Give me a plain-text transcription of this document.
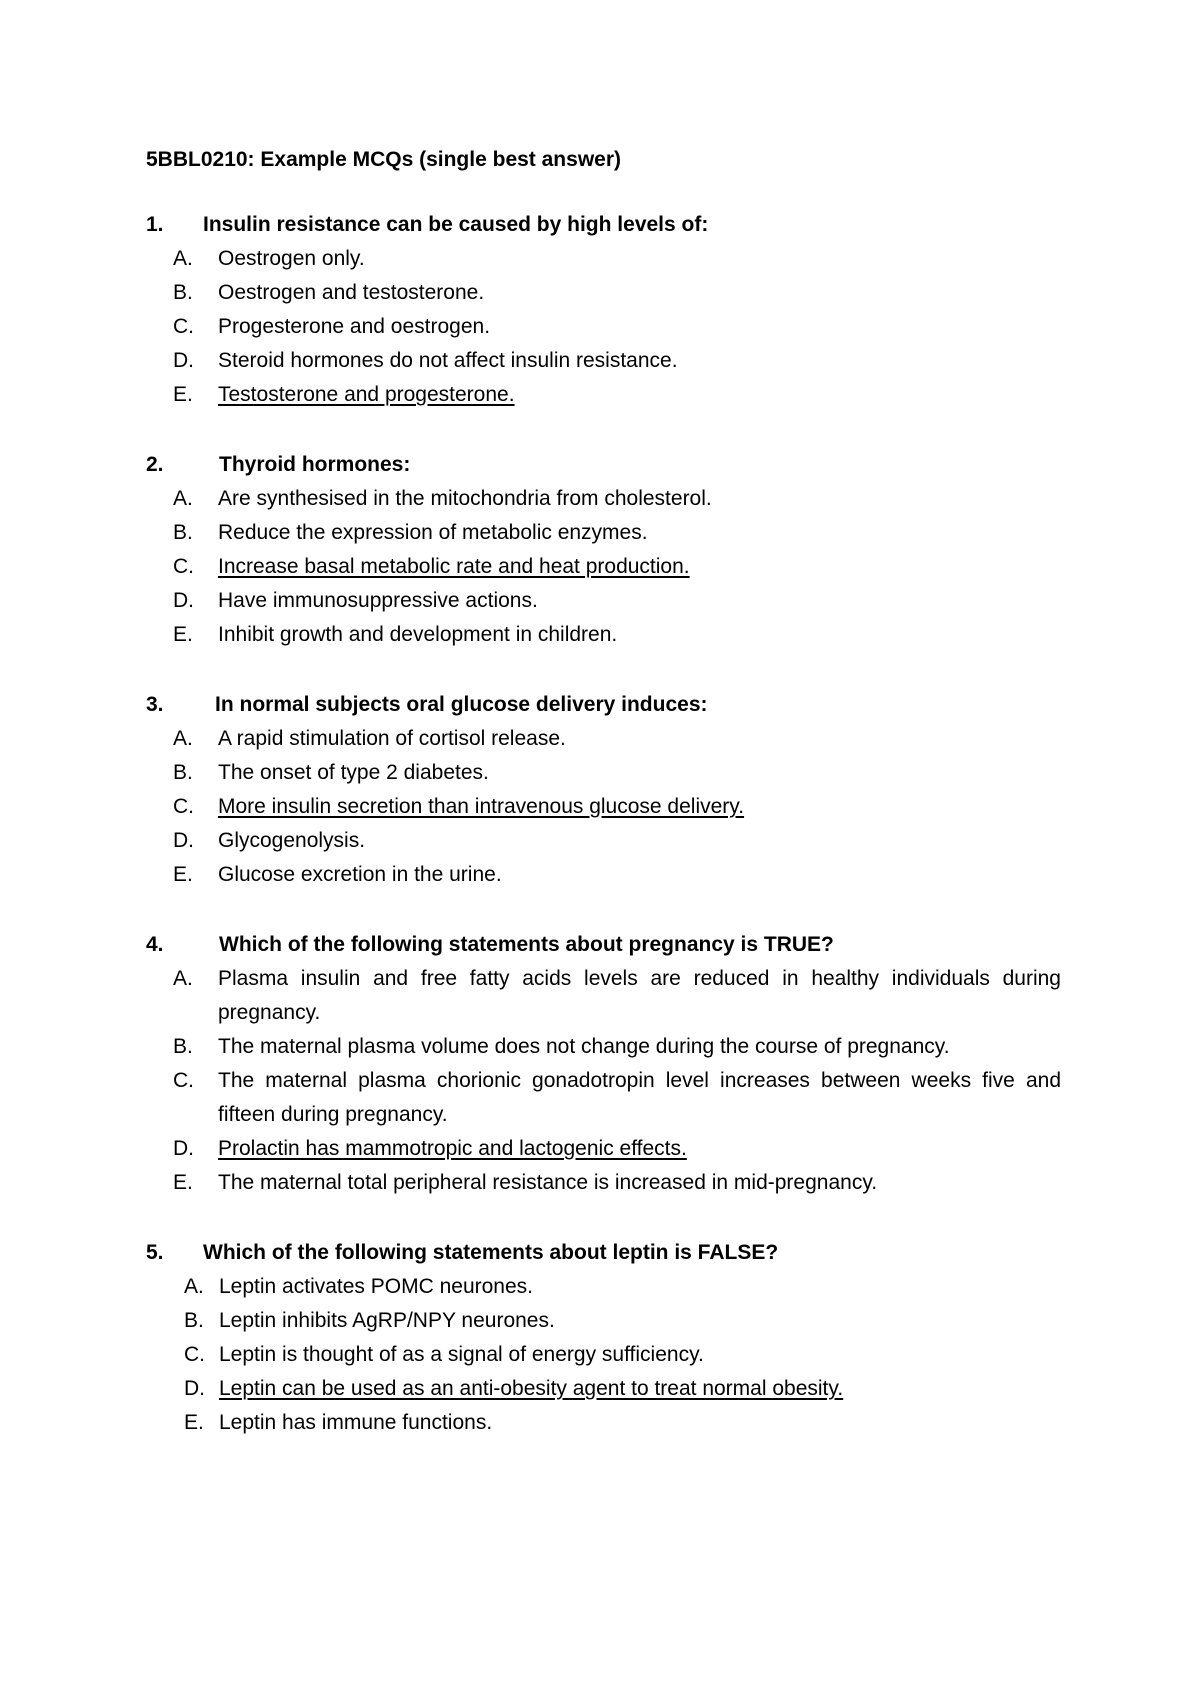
5BBL0210: Example MCQs (single best answer)
1. Insulin resistance can be caused by high levels of:
A. Oestrogen only.
B. Oestrogen and testosterone.
C. Progesterone and oestrogen.
D. Steroid hormones do not affect insulin resistance.
E. Testosterone and progesterone.
2.	Thyroid hormones:
A. Are synthesised in the mitochondria from cholesterol.
B. Reduce the expression of metabolic enzymes.
C. Increase basal metabolic rate and heat production.
D. Have immunosuppressive actions.
E. Inhibit growth and development in children.
3. In normal subjects oral glucose delivery induces:
A. A rapid stimulation of cortisol release.
B. The onset of type 2 diabetes.
C. More insulin secretion than intravenous glucose delivery.
D. Glycogenolysis.
E. Glucose excretion in the urine.
4.	Which of the following statements about pregnancy is TRUE?
A. Plasma insulin and free fatty acids levels are reduced in healthy individuals during pregnancy.
B. The maternal plasma volume does not change during the course of pregnancy.
C. The maternal plasma chorionic gonadotropin level increases between weeks five and fifteen during pregnancy.
D. Prolactin has mammotropic and lactogenic effects.
E. The maternal total peripheral resistance is increased in mid-pregnancy.
5. Which of the following statements about leptin is FALSE?
A. Leptin activates POMC neurones.
B. Leptin inhibits AgRP/NPY neurones.
C. Leptin is thought of as a signal of energy sufficiency.
D. Leptin can be used as an anti-obesity agent to treat normal obesity.
E. Leptin has immune functions.
